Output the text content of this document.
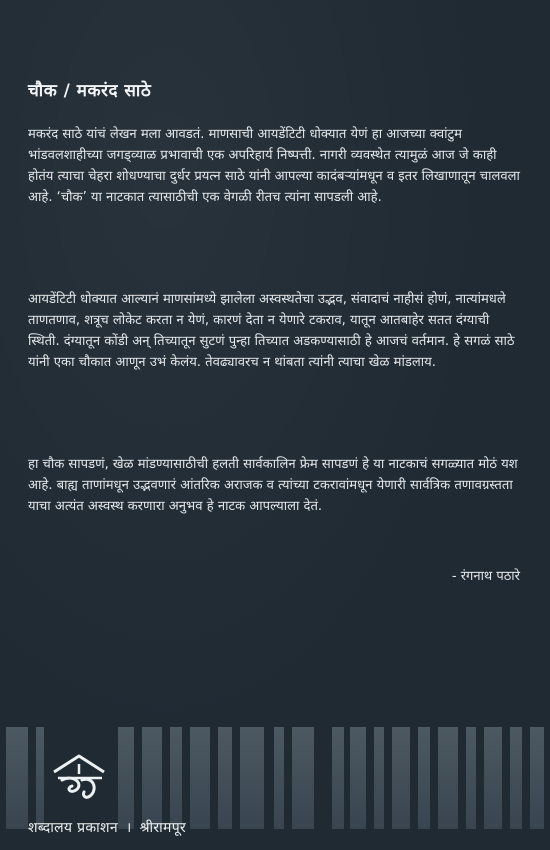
चौक / मकरंद साठे
मकरंद साठे यांचं लेखन मला आवडतं. माणसाची आयडेंटिटी धोक्यात येणं हा आजच्या क्वांटुम भांडवलशाहीच्या जगड्व्याळ प्रभावाची एक अपरिहार्य निष्पत्ती. नागरी व्यवस्थेत त्यामुळं आज जे काही होतंय त्याचा चेहरा शोधण्याचा दुर्धर प्रयत्न साठे यांनी आपल्या कादंबऱ्यांमधून व इतर लिखाणातून चालवला आहे. ‘चौक’ या नाटकात त्यासाठीची एक वेगळी रीतच त्यांना सापडली आहे.
आयडेंटिटी धोक्यात आल्यानं माणसांमध्ये झालेला अस्वस्थतेचा उद्भव, संवादाचं नाहीसं होणं, नात्यांमधले ताणतणाव, शत्रूच लोकेट करता न येणं, कारणं देता न येणारे टकराव, यातून आतबाहेर सतत दंग्याची स्थिती. दंग्यातून कोंडी अन्‌ तिच्यातून सुटणं पुन्हा तिच्यात अडकण्यासाठी हे आजचं वर्तमान. हे सगळं साठे यांनी एका चौकात आणून उभं केलंय. तेवढ्यावरच न थांबता त्यांनी त्याचा खेळ मांडलाय.
हा चौक सापडणं, खेळ मांडण्यासाठीची हलती सार्वकालिन फ्रेम सापडणं हे या नाटकाचं सगळ्यात मोठं यश आहे. बाह्य ताणांमधून उद्भवणारं आंतरिक अराजक व त्यांच्या टकरावांमधून येणारी सार्वत्रिक तणावग्रस्तता याचा अत्यंत अस्वस्थ करणारा अनुभव हे नाटक आपल्याला देतं.
- रंगनाथ पठारे
शब्दालय प्रकाशन । श्रीरामपूर
